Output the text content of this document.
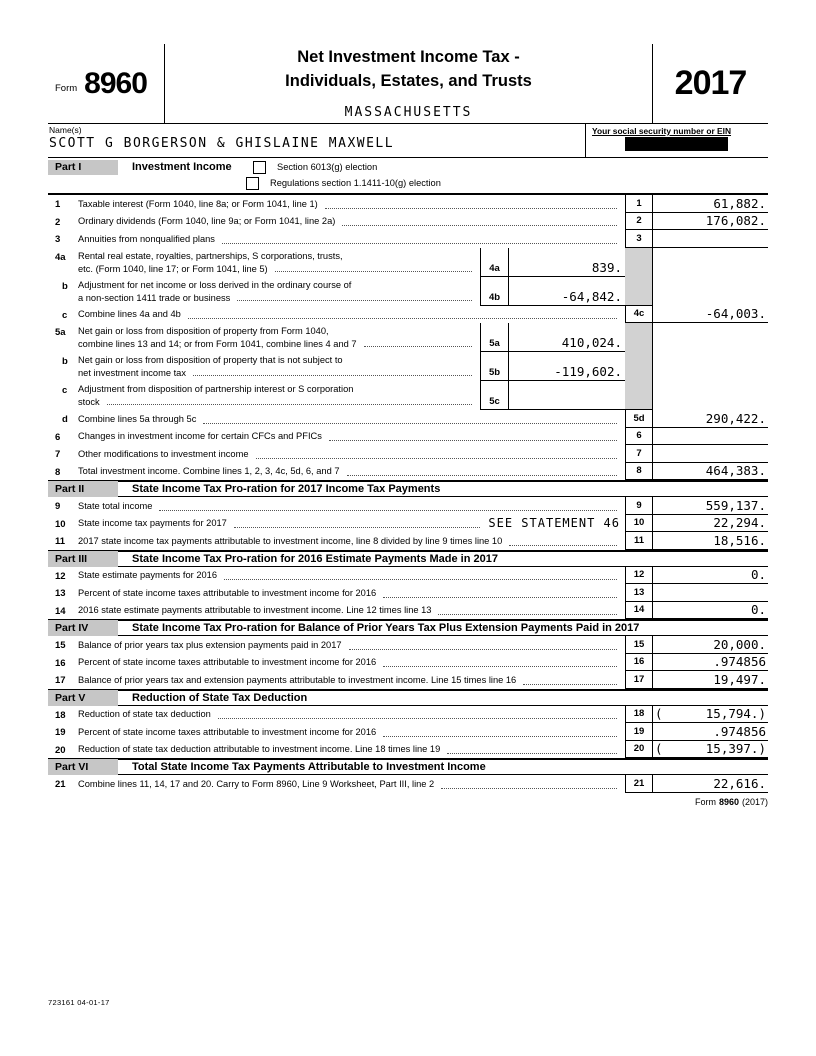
Form 8960
Net Investment Income Tax -
Individuals, Estates, and Trusts
MASSACHUSETTS
2017
Name(s)
SCOTT G BORGERSON & GHISLAINE MAXWELL
Your social security number or EIN
Part I	Investment Income	Section 6013(g) election
Regulations section 1.1411-10(g) election
1	Taxable interest (Form 1040, line 8a; or Form 1041, line 1)	1	61,882.
2	Ordinary dividends (Form 1040, line 9a; or Form 1041, line 2a)	2	176,082.
3	Annuities from nonqualified plans	3
4a	Rental real estate, royalties, partnerships, S corporations, trusts,
etc. (Form 1040, line 17; or Form 1041, line 5)	4a	839.
b	Adjustment for net income or loss derived in the ordinary course of
a non-section 1411 trade or business	4b	-64,842.
c	Combine lines 4a and 4b	4c	-64,003.
5a	Net gain or loss from disposition of property from Form 1040,
combine lines 13 and 14; or from Form 1041, combine lines 4 and 7	5a	410,024.
b	Net gain or loss from disposition of property that is not subject to
net investment income tax	5b	-119,602.
c	Adjustment from disposition of partnership interest or S corporation
stock	5c
d	Combine lines 5a through 5c	5d	290,422.
6	Changes in investment income for certain CFCs and PFICs	6
7	Other modifications to investment income	7
8	Total investment income. Combine lines 1, 2, 3, 4c, 5d, 6, and 7	8	464,383.
Part II	State Income Tax Pro-ration for 2017 Income Tax Payments
9	State total income	9	559,137.
10	State income tax payments for 2017	SEE STATEMENT 46	10	22,294.
11	2017 state income tax payments attributable to investment income, line 8 divided by line 9 times line 10	11	18,516.
Part III	State Income Tax Pro-ration for 2016 Estimate Payments Made in 2017
12	State estimate payments for 2016	12	0.
13	Percent of state income taxes attributable to investment income for 2016	13
14	2016 state estimate payments attributable to investment income. Line 12 times line 13	14	0.
Part IV	State Income Tax Pro-ration for Balance of Prior Years Tax Plus Extension Payments Paid in 2017
15	Balance of prior years tax plus extension payments paid in 2017	15	20,000.
16	Percent of state income taxes attributable to investment income for 2016	16	.974856
17	Balance of prior years tax and extension payments attributable to investment income. Line 15 times line 16	17	19,497.
Part V	Reduction of State Tax Deduction
18	Reduction of state tax deduction	18 (	15,794.)
19	Percent of state income taxes attributable to investment income for 2016	19	.974856
20	Reduction of state tax deduction attributable to investment income. Line 18 times line 19	20 (	15,397.)
Part VI	Total State Income Tax Payments Attributable to Investment Income
21	Combine lines 11, 14, 17 and 20. Carry to Form 8960, Line 9 Worksheet, Part III, line 2	21	22,616.
Form 8960 (2017)
723161 04-01-17
